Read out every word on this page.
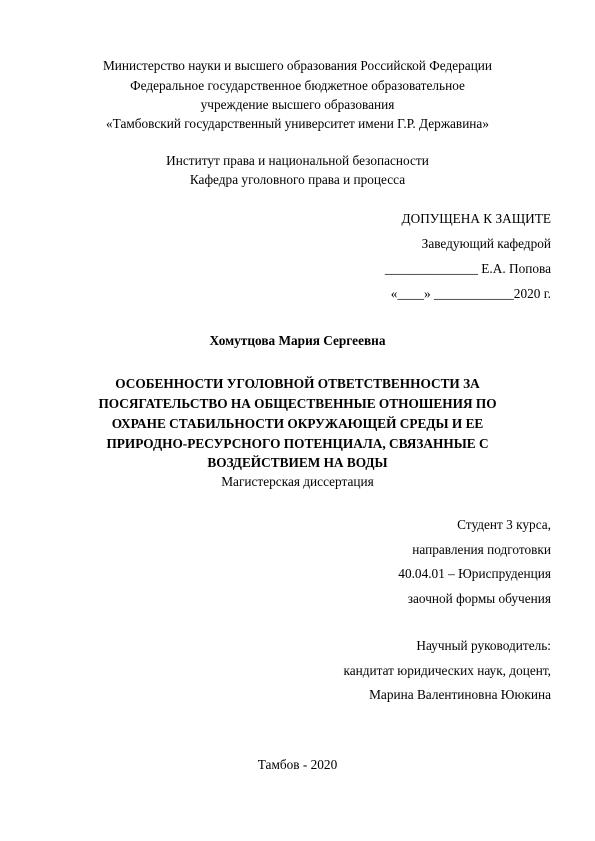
Министерство науки и высшего образования Российской Федерации
Федеральное государственное бюджетное образовательное
учреждение высшего образования
«Тамбовский государственный университет имени Г.Р. Державина»
Институт права и национальной безопасности
Кафедра уголовного права и процесса
ДОПУЩЕНА К ЗАЩИТЕ
Заведующий кафедрой
______________ Е.А. Попова
«____» ____________2020 г.
Хомутцова Мария Сергеевна
ОСОБЕННОСТИ УГОЛОВНОЙ ОТВЕТСТВЕННОСТИ ЗА
ПОСЯГАТЕЛЬСТВО НА ОБЩЕСТВЕННЫЕ ОТНОШЕНИЯ ПО
ОХРАНЕ СТАБИЛЬНОСТИ ОКРУЖАЮЩЕЙ СРЕДЫ И ЕЕ
ПРИРОДНО-РЕСУРСНОГО ПОТЕНЦИАЛА, СВЯЗАННЫЕ С
ВОЗДЕЙСТВИЕМ НА ВОДЫ
Магистерская диссертация
Студент 3 курса,
направления подготовки
40.04.01 – Юриспруденция
заочной формы обучения
Научный руководитель:
кандитат юридических наук, доцент,
Марина Валентиновна Ююкина
Тамбов - 2020
